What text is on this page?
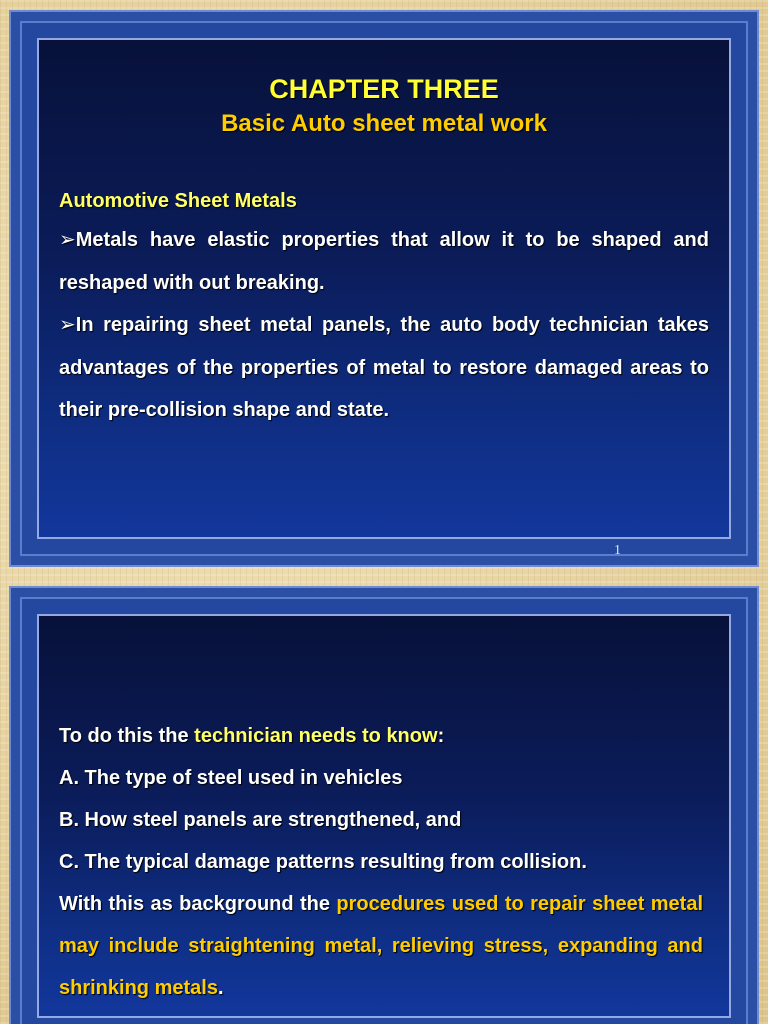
CHAPTER THREE
Basic Auto sheet metal work
Automotive Sheet Metals

➢Metals have elastic properties that allow it to be shaped and reshaped with out breaking.

➢In repairing sheet metal panels, the auto body technician takes advantages of the properties of metal to restore damaged areas to their pre-collision shape and state.

1

To do this the technician needs to know:

A. The type of steel used in vehicles

B. How steel panels are strengthened, and

C. The typical damage patterns resulting from collision.

With this as background the procedures used to repair sheet metal may include straightening metal, relieving stress, expanding and shrinking metals.
